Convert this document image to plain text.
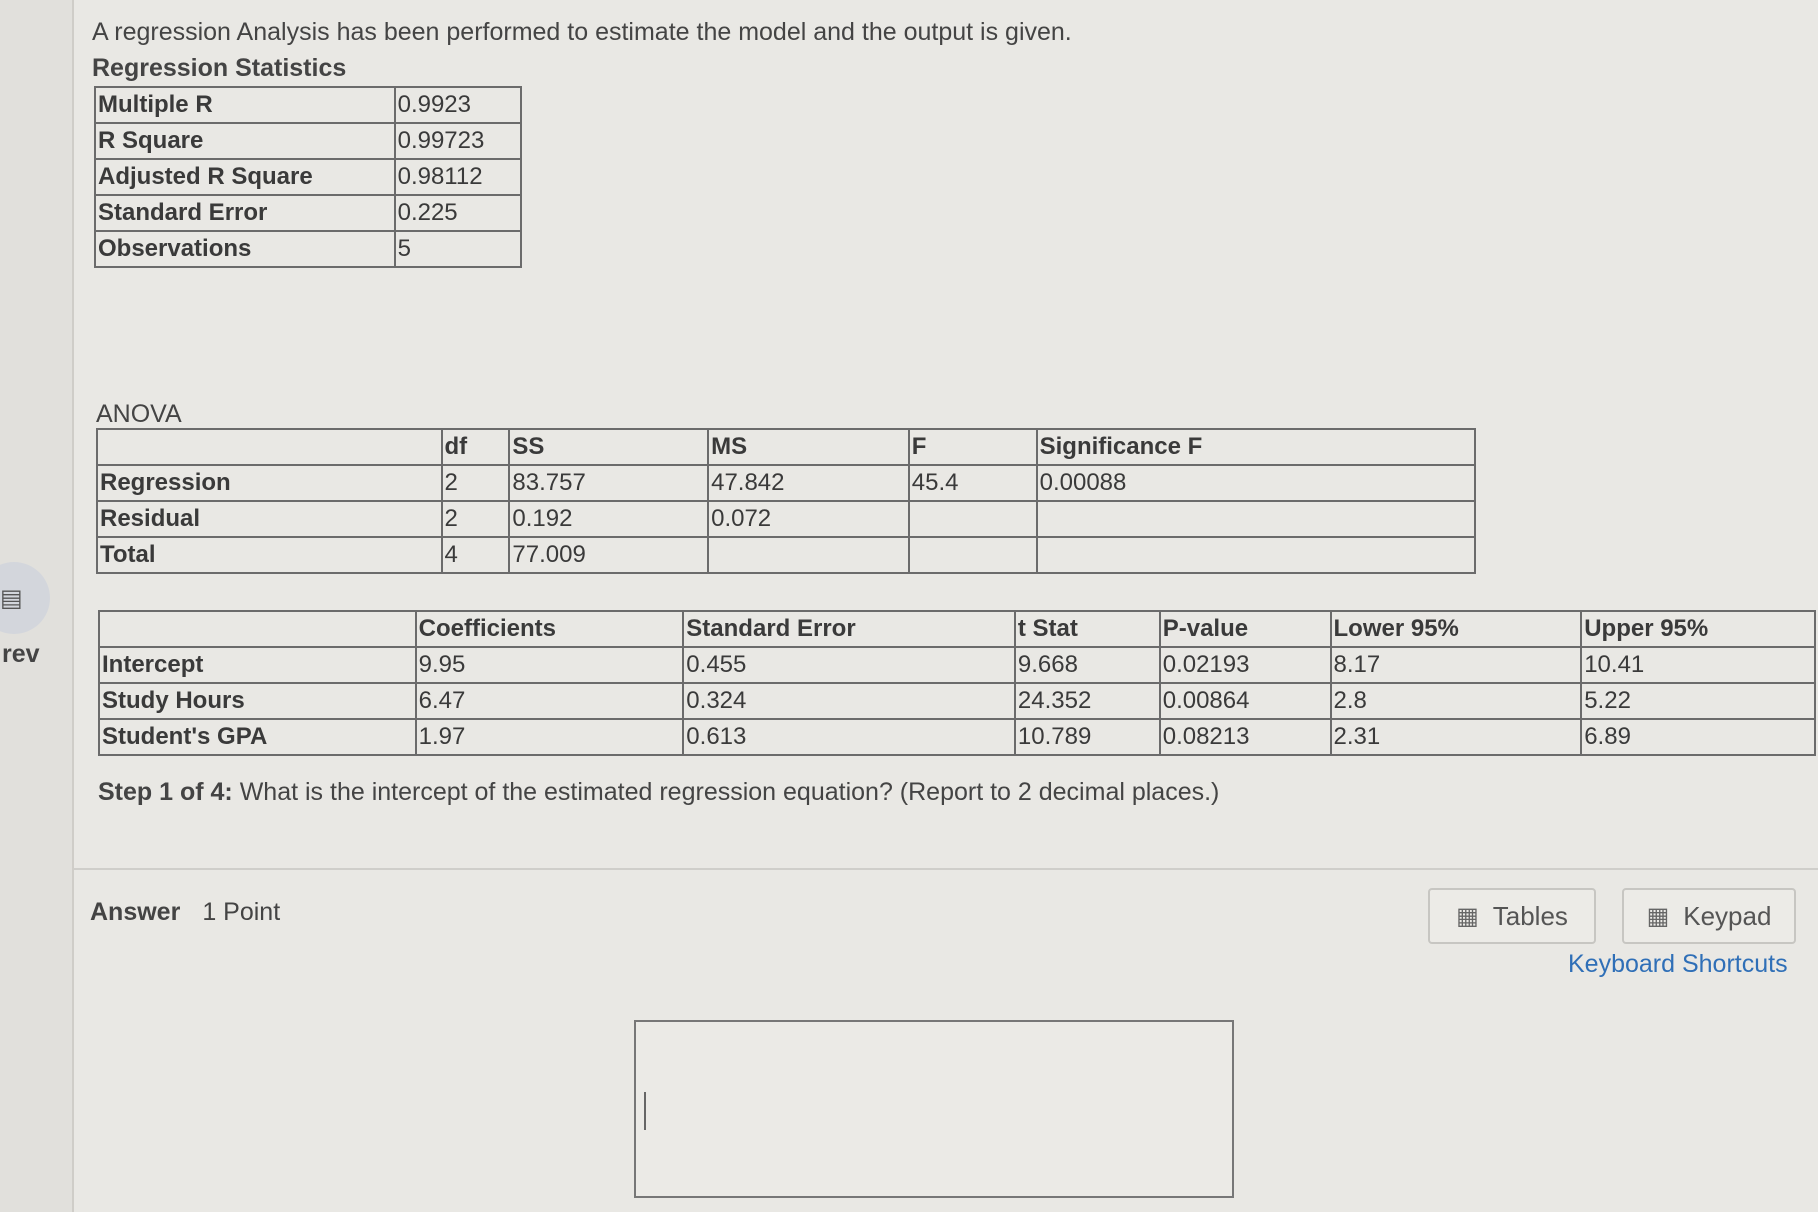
▤
rev
A regression Analysis has been performed to estimate the model and the output is given.
Regression Statistics
Multiple R	0.9923
R Square	0.99723
Adjusted R Square	0.98112
Standard Error	0.225
Observations	5
ANOVA
	df	SS	MS	F	Significance F
Regression	2	83.757	47.842	45.4	0.00088
Residual	2	0.192	0.072		
Total	4	77.009			
	Coefficients	Standard Error	t Stat	P-value	Lower 95%	Upper 95%
Intercept	9.95	0.455	9.668	0.02193	8.17	10.41
Study Hours	6.47	0.324	24.352	0.00864	2.8	5.22
Student's GPA	1.97	0.613	10.789	0.08213	2.31	6.89
Step 1 of 4: What is the intercept of the estimated regression equation? (Report to 2 decimal places.)
Answer 1 Point	▦ Tables	▦ Keypad
Keyboard Shortcuts
